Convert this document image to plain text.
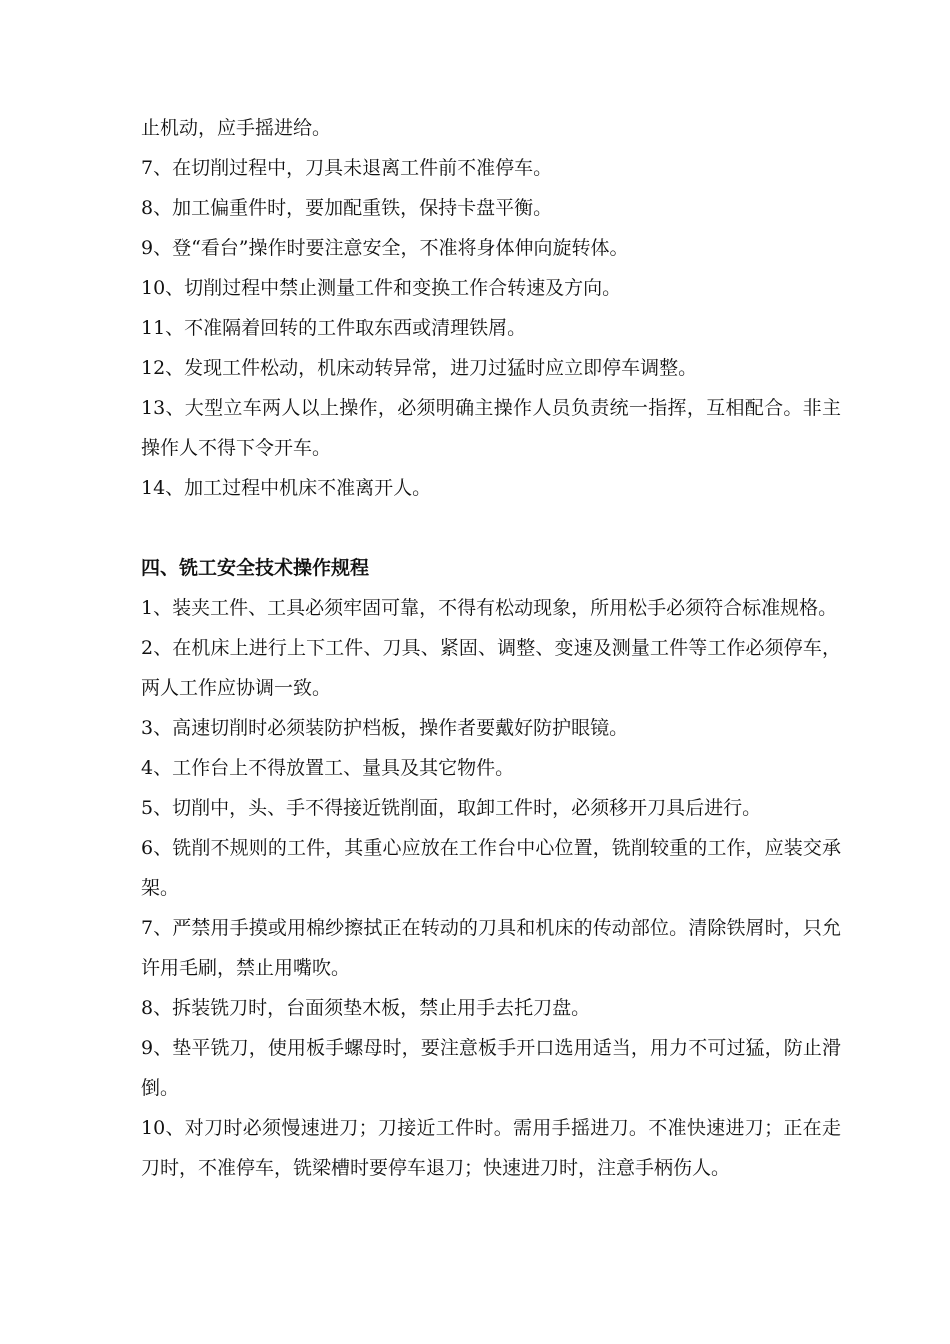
止机动，应手摇进给。

7、在切削过程中，刀具未退离工件前不准停车。

8、加工偏重件时，要加配重铁，保持卡盘平衡。

9、登“看台”操作时要注意安全，不准将身体伸向旋转体。

10、切削过程中禁止测量工件和变换工作合转速及方向。

11、不准隔着回转的工件取东西或清理铁屑。

12、发现工件松动，机床动转异常，进刀过猛时应立即停车调整。

13、大型立车两人以上操作，必须明确主操作人员负责统一指挥，互相配合。非主操作人不得下令开车。

14、加工过程中机床不准离开人。

四、铣工安全技术操作规程

1、装夹工件、工具必须牢固可靠，不得有松动现象，所用松手必须符合标准规格。

2、在机床上进行上下工件、刀具、紧固、调整、变速及测量工件等工作必须停车，两人工作应协调一致。

3、高速切削时必须装防护档板，操作者要戴好防护眼镜。

4、工作台上不得放置工、量具及其它物件。

5、切削中，头、手不得接近铣削面，取卸工件时，必须移开刀具后进行。

6、铣削不规则的工件，其重心应放在工作台中心位置，铣削较重的工作，应装交承架。

7、严禁用手摸或用棉纱擦拭正在转动的刀具和机床的传动部位。清除铁屑时，只允许用毛刷，禁止用嘴吹。

8、拆装铣刀时，台面须垫木板，禁止用手去托刀盘。

9、垫平铣刀，使用板手螺母时，要注意板手开口选用适当，用力不可过猛，防止滑倒。

10、对刀时必须慢速进刀；刀接近工件时。需用手摇进刀。不准快速进刀；正在走刀时，不准停车，铣梁槽时要停车退刀；快速进刀时，注意手柄伤人。
